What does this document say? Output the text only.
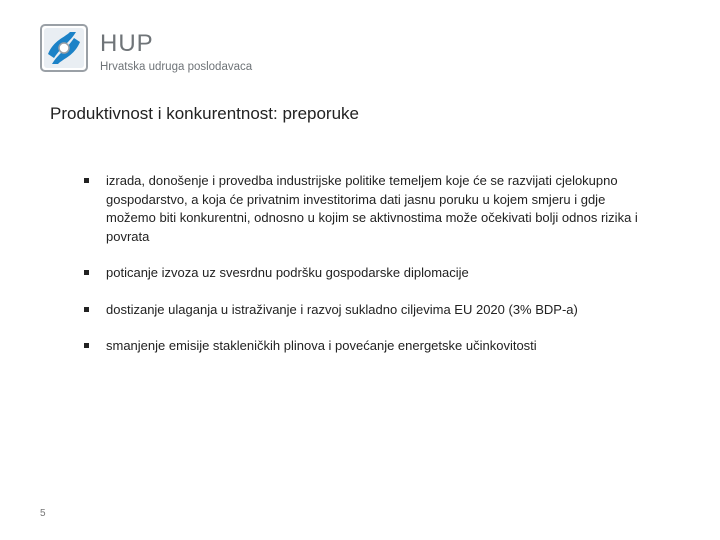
HUP
Hrvatska udruga poslodavaca
Produktivnost i konkurentnost: preporuke
izrada, donošenje i provedba industrijske politike temeljem koje će se razvijati cjelokupno gospodarstvo, a koja će privatnim investitorima dati jasnu poruku u kojem smjeru i gdje možemo biti konkurentni, odnosno u kojim se aktivnostima može očekivati bolji odnos rizika i povrata
poticanje izvoza uz svesrdnu podršku gospodarske diplomacije
dostizanje ulaganja u istraživanje i razvoj sukladno ciljevima EU 2020 (3% BDP-a)
smanjenje emisije stakleničkih plinova i povećanje energetske učinkovitosti
5
